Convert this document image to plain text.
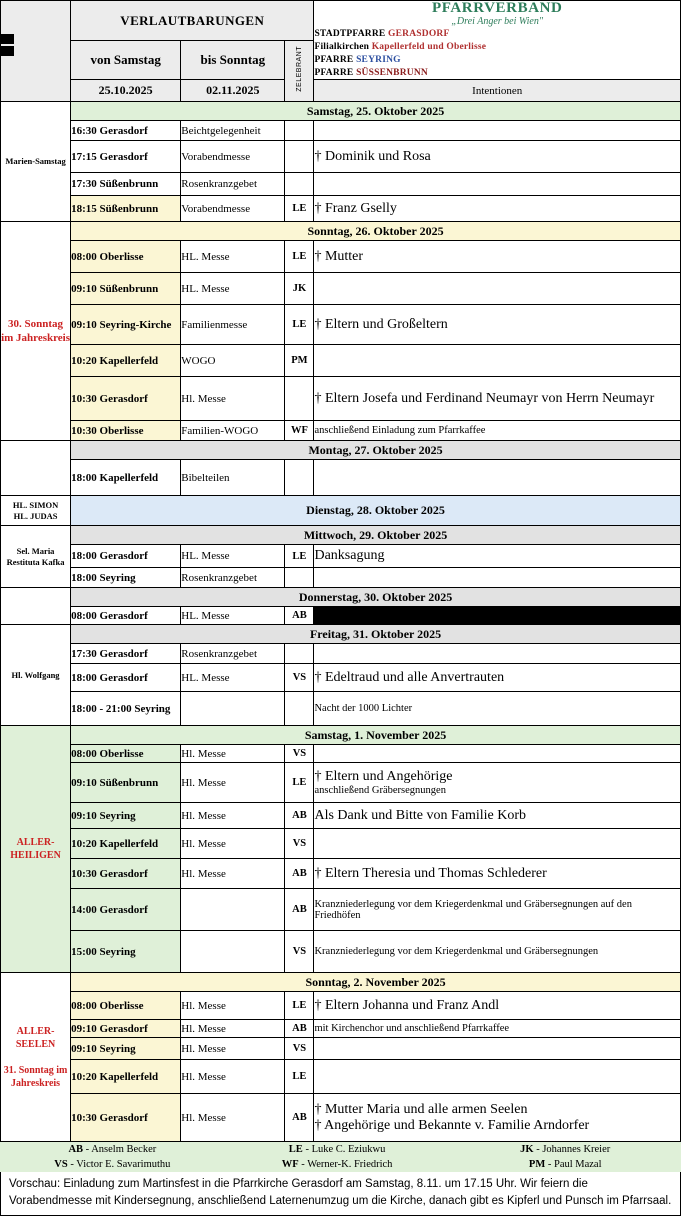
	VERLAUTBARUNGEN	
PFARRVERBAND
„Drei Anger bei Wien"
STADTPFARRE GERASDORF
Filialkirchen Kapellerfeld und Oberlisse
PFARRE SEYRING
PFARRE SÜSSENBRUNN

	von Samstag	bis Sonntag	ZELEBRANT	
	25.10.2025	02.11.2025		Intentionen

Marien-Samstag	Samstag, 25. Oktober 2025			
	16:30 Gerasdorf	Beichtgelegenheit		
	17:15 Gerasdorf	Vorabendmesse		† Dominik und Rosa

	17:30 Süßenbrunn	Rosenkranzgebet		
	18:15 Süßenbrunn	Vorabendmesse	LE	† Franz Gselly

30. Sonntag im Jahreskreis	Sonntag, 26. Oktober 2025			
	08:00 Oberlisse	HL. Messe	LE	† Mutter

	09:10 Süßenbrunn	HL. Messe	JK	
	09:10 Seyring-Kirche	Familienmesse	LE	† Eltern und Großeltern

	10:20 Kapellerfeld	WOGO	PM	
	10:30 Gerasdorf	Hl. Messe		† Eltern Josefa und Ferdinand Neumayr von Herrn Neumayr

	10:30 Oberlisse	Familien-WOGO	WF	anschließend Einladung zum Pfarrkaffee

	Montag, 27. Oktober 2025			
	18:00 Kapellerfeld	Bibelteilen		

HL. SIMON
HL. JUDAS	Dienstag, 28. Oktober 2025			

Sel. Maria Restituta Kafka	Mittwoch, 29. Oktober 2025			
	18:00 Gerasdorf	HL. Messe	LE	Danksagung

	18:00 Seyring	Rosenkranzgebet		

	Donnerstag, 30. Oktober 2025			
	08:00 Gerasdorf	HL. Messe	AB	

Hl. Wolfgang	Freitag, 31. Oktober 2025			
	17:30 Gerasdorf	Rosenkranzgebet		
	18:00 Gerasdorf	HL. Messe	VS	† Edeltraud und alle Anvertrauten

	18:00 - 21:00 Seyring			Nacht der 1000 Lichter

ALLER-HEILIGEN	Samstag, 1. November 2025			
	08:00 Oberlisse	Hl. Messe	VS	
	09:10 Süßenbrunn	Hl. Messe	LE	† Eltern und Angehörige
anschließend Gräbersegnungen

	09:10 Seyring	Hl. Messe	AB	Als Dank und Bitte von Familie Korb

	10:20 Kapellerfeld	Hl. Messe	VS	
	10:30 Gerasdorf	Hl. Messe	AB	† Eltern Theresia und Thomas Schlederer

	14:00 Gerasdorf		AB	Kranzniederlegung vor dem Kriegerdenkmal und Gräbersegnungen auf den Friedhöfen

	15:00 Seyring		VS	Kranzniederlegung vor dem Kriegerdenkmal und Gräbersegnungen

ALLER-SEELEN

31. Sonntag im Jahreskreis	Sonntag, 2. November 2025			
	08:00 Oberlisse	Hl. Messe	LE	† Eltern Johanna und Franz Andl

	09:10 Gerasdorf	Hl. Messe	AB	mit Kirchenchor und anschließend Pfarrkaffee

	09:10 Seyring	Hl. Messe	VS	
	10:20 Kapellerfeld	Hl. Messe	LE	
	10:30 Gerasdorf	Hl. Messe	AB	† Mutter Maria und alle armen Seelen
† Angehörige und Bekannte v. Familie Arndorfer
AB - Anselm Becker	LE - Luke C. Eziukwu	JK - Johannes Kreier
VS - Victor E. Savarimuthu	WF - Werner-K. Friedrich	PM - Paul Mazal
Vorschau: Einladung zum Martinsfest in die Pfarrkirche Gerasdorf am Samstag, 8.11. um 17.15 Uhr. Wir feiern die Vorabendmesse mit Kindersegnung, anschließend Laternenumzug um die Kirche, danach gibt es Kipferl und Punsch im Pfarrsaal.
